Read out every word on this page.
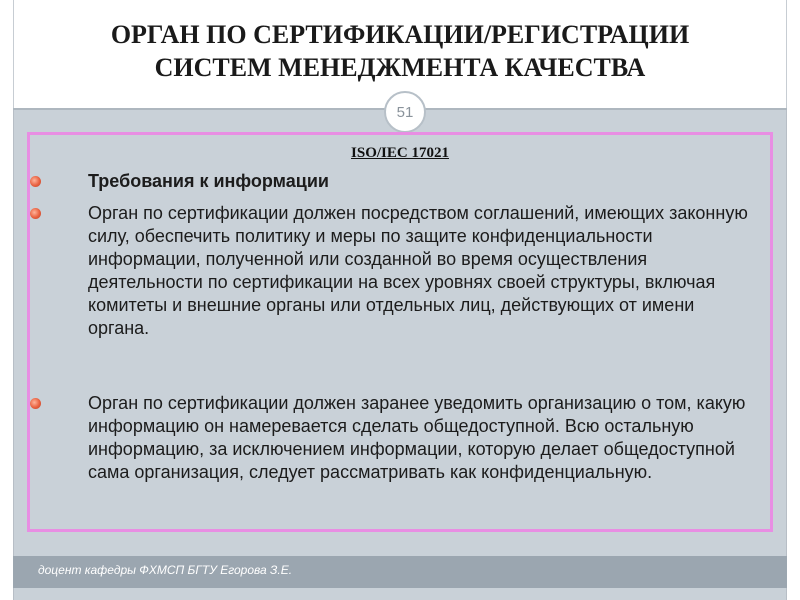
ОРГАН ПО СЕРТИФИКАЦИИ/РЕГИСТРАЦИИ
СИСТЕМ МЕНЕДЖМЕНТА КАЧЕСТВА
51
ISO/IEC 17021
Требования к информации
Орган по сертификации должен посредством соглашений, имеющих законную силу, обеспечить политику и меры по защите конфиденциальности информации, полученной или созданной во время осуществления деятельности по сертификации на всех уровнях своей структуры, включая комитеты и внешние органы или отдельных лиц, действующих от имени органа.
Орган по сертификации должен заранее уведомить организацию о том, какую информацию он намеревается сделать общедоступной. Всю остальную информацию, за исключением информации, которую делает общедоступной сама организация, следует рассматривать как конфиденциальную.
доцент кафедры ФХМСП БГТУ Егорова З.Е.
